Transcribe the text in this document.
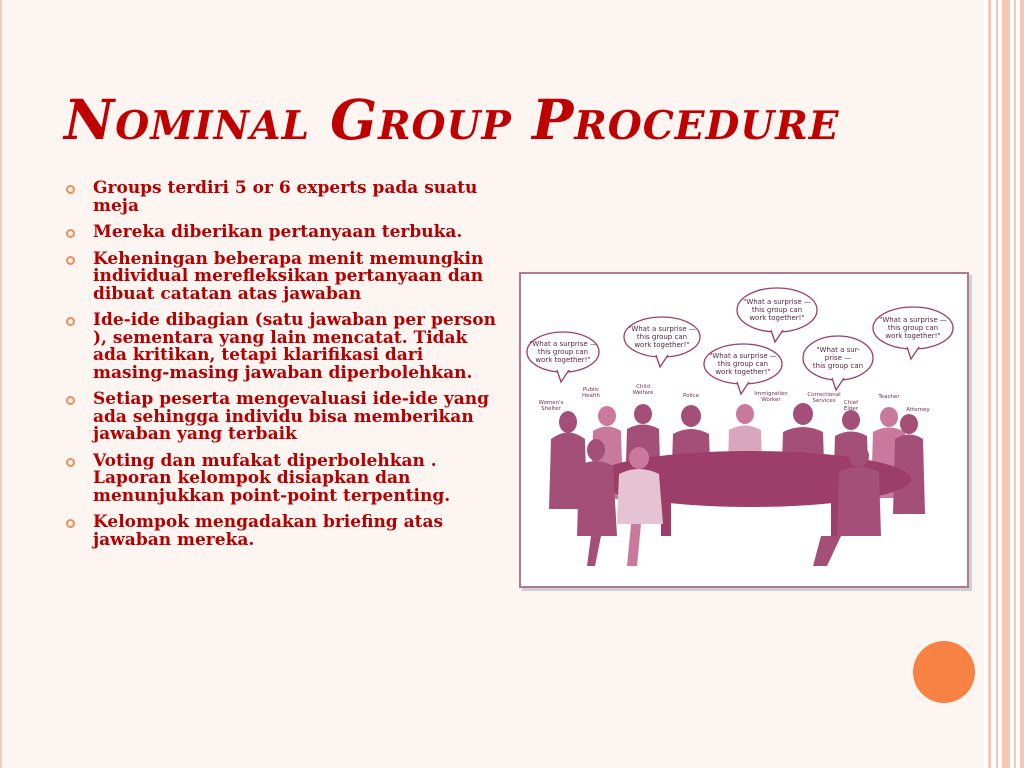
Nominal Group Procedure
Groups terdiri 5 or 6 experts pada suatu meja
Mereka diberikan pertanyaan terbuka.
Keheningan beberapa menit memungkin individual merefleksikan pertanyaan dan dibuat catatan atas jawaban
Ide-ide dibagian (satu jawaban per person ), sementara yang lain mencatat. Tidak ada kritikan, tetapi klarifikasi dari masing-masing jawaban diperbolehkan.
Setiap peserta mengevaluasi ide-ide yang ada sehingga individu bisa memberikan jawaban yang terbaik
Voting dan mufakat diperbolehkan . Laporan kelompok disiapkan dan menunjukkan point-point terpenting.
Kelompok mengadakan briefing atas jawaban mereka.
"What a surprise —
this group can
work together!"
"What a surprise —
this group can
work together!"
"What a surprise —
this group can
work together!"
"What a surprise —
this group can
work together!"
"What a sur-
prise —
this group can
"What a surprise —
this group can
work together!"
Women's
Shelter
Public
Health
Child
Welfare	Police	Immigration
Worker
Correctional
Services Chief
Elder
Teacher
Attorney
